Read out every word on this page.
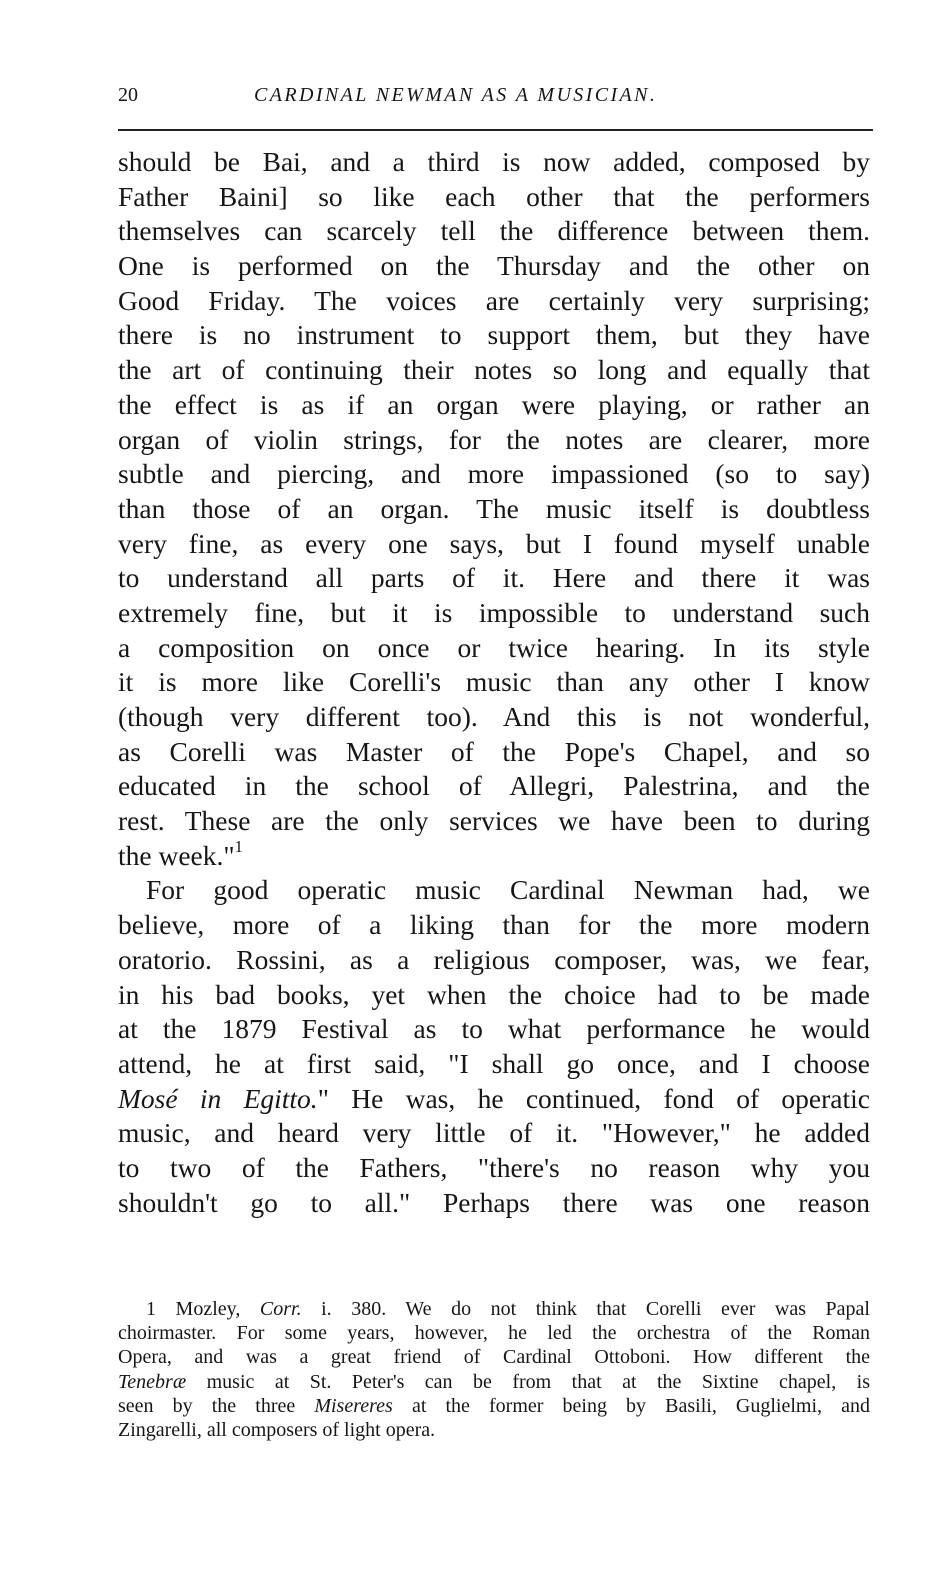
20	CARDINAL NEWMAN AS A MUSICIAN.
should be Bai, and a third is now added, composed by
Father Baini] so like each other that the performers
themselves can scarcely tell the difference between them.
One is performed on the Thursday and the other on
Good Friday. The voices are certainly very surprising;
there is no instrument to support them, but they have
the art of continuing their notes so long and equally that
the effect is as if an organ were playing, or rather an
organ of violin strings, for the notes are clearer, more
subtle and piercing, and more impassioned (so to say)
than those of an organ. The music itself is doubtless
very fine, as every one says, but I found myself unable
to understand all parts of it. Here and there it was
extremely fine, but it is impossible to understand such
a composition on once or twice hearing. In its style
it is more like Corelli's music than any other I know
(though very different too). And this is not wonderful,
as Corelli was Master of the Pope's Chapel, and so
educated in the school of Allegri, Palestrina, and the
rest. These are the only services we have been to during
the week."$^1$
For good operatic music Cardinal Newman had, we
believe, more of a liking than for the more modern
oratorio. Rossini, as a religious composer, was, we fear,
in his bad books, yet when the choice had to be made
at the 1879 Festival as to what performance he would
attend, he at first said, "I shall go once, and I choose
Mosé in Egitto." He was, he continued, fond of operatic
music, and heard very little of it. "However," he added
to two of the Fathers, "there's no reason why you
shouldn't go to all." Perhaps there was one reason
1 Mozley, Corr. i. 380. We do not think that Corelli ever was Papal
choirmaster. For some years, however, he led the orchestra of the Roman
Opera, and was a great friend of Cardinal Ottoboni. How different the
Tenebræ music at St. Peter's can be from that at the Sixtine chapel, is
seen by the three Misereres at the former being by Basili, Guglielmi, and
Zingarelli, all composers of light opera.
